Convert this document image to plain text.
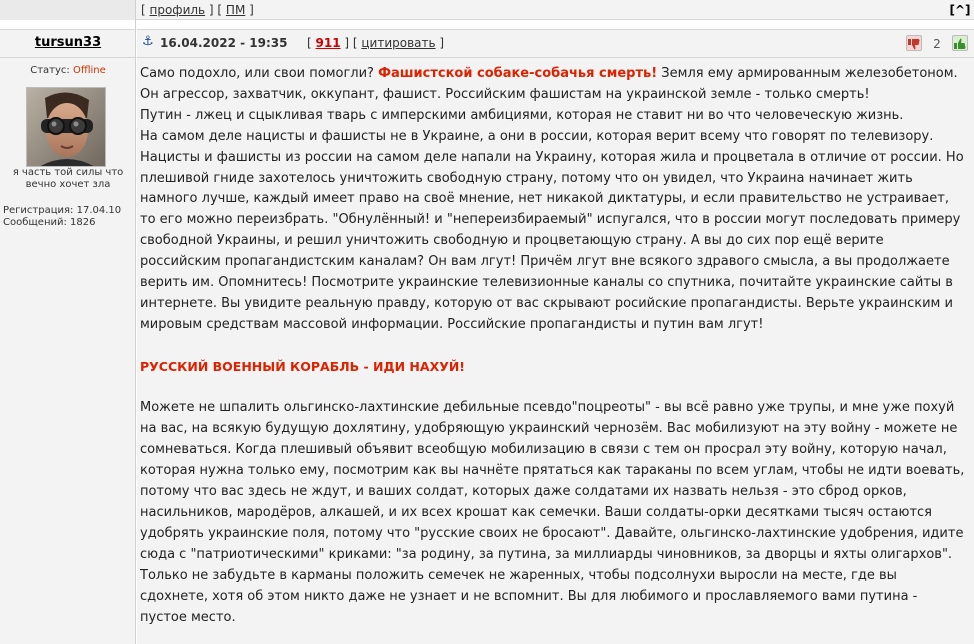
[ профиль ] [ ПМ ]	[^]
tursun33
Статус: Offline
я часть той силы что вечно хочет зла
Регистрация: 17.04.10
Сообщений: 1826
⚓ 16.04.2022 - 19:35 [ 911 ] [ цитировать ]	2

Само подохло, или свои помогли? Фашистской собаке-собачья смерть! Земля ему армированным железобетоном. Он агрессор, захватчик, оккупант, фашист. Российским фашистам на украинской земле - только смерть!

Путин - лжец и сцыкливая тварь с имперскими амбициями, которая не ставит ни во что человеческую жизнь.

На самом деле нацисты и фашисты не в Украине, а они в россии, которая верит всему что говорят по телевизору. Нацисты и фашисты из россии на самом деле напали на Украину, которая жила и процветала в отличие от россии. Но плешивой гниде захотелось уничтожить свободную страну, потому что он увидел, что Украина начинает жить намного лучше, каждый имеет право на своё мнение, нет никакой диктатуры, и если правительство не устраивает, то его можно переизбрать. "Обнулённый! и "непереизбираемый" испугался, что в россии могут последовать примеру свободной Украины, и решил уничтожить свободную и процветающую страну. А вы до сих пор ещё верите российским пропагандистским каналам? Он вам лгут! Причём лгут вне всякого здравого смысла, а вы продолжаете верить им. Опомнитесь! Посмотрите украинские телевизионные каналы со спутника, почитайте украинские сайты в интернете. Вы увидите реальную правду, которую от вас скрывают росийские пропагандисты. Верьте украинским и мировым средствам массовой информации. Российские пропагандисты и путин вам лгут!

РУССКИЙ ВОЕННЫЙ КОРАБЛЬ - ИДИ НАХУЙ!

Можете не шпалить ольгинско-лахтинские дебильные псевдо"поцреоты" - вы всё равно уже трупы, и мне уже похуй на вас, на всякую будущую дохлятину, удобряющую украинский чернозём. Вас мобилизуют на эту войну - можете не сомневаться. Когда плешивый объявит всеобщую мобилизацию в связи с тем он просрал эту войну, которую начал, которая нужна только ему, посмотрим как вы начнёте прятаться как тараканы по всем углам, чтобы не идти воевать, потому что вас здесь не ждут, и ваших солдат, которых даже солдатами их назвать нельзя - это сброд орков, насильников, мародёров, алкашей, и их всех крошат как семечки. Ваши солдаты-орки десятками тысяч остаются удобрять украинские поля, потому что "русские своих не бросают". Давайте, ольгинско-лахтинские удобрения, идите сюда с "патриотическими" криками: "за родину, за путина, за миллиарды чиновников, за дворцы и яхты олигархов". Только не забудьте в карманы положить семечек не жаренных, чтобы подсолнухи выросли на месте, где вы сдохнете, хотя об этом никто даже не узнает и не вспомнит. Вы для любимого и прославляемого вами путина - пустое место.
